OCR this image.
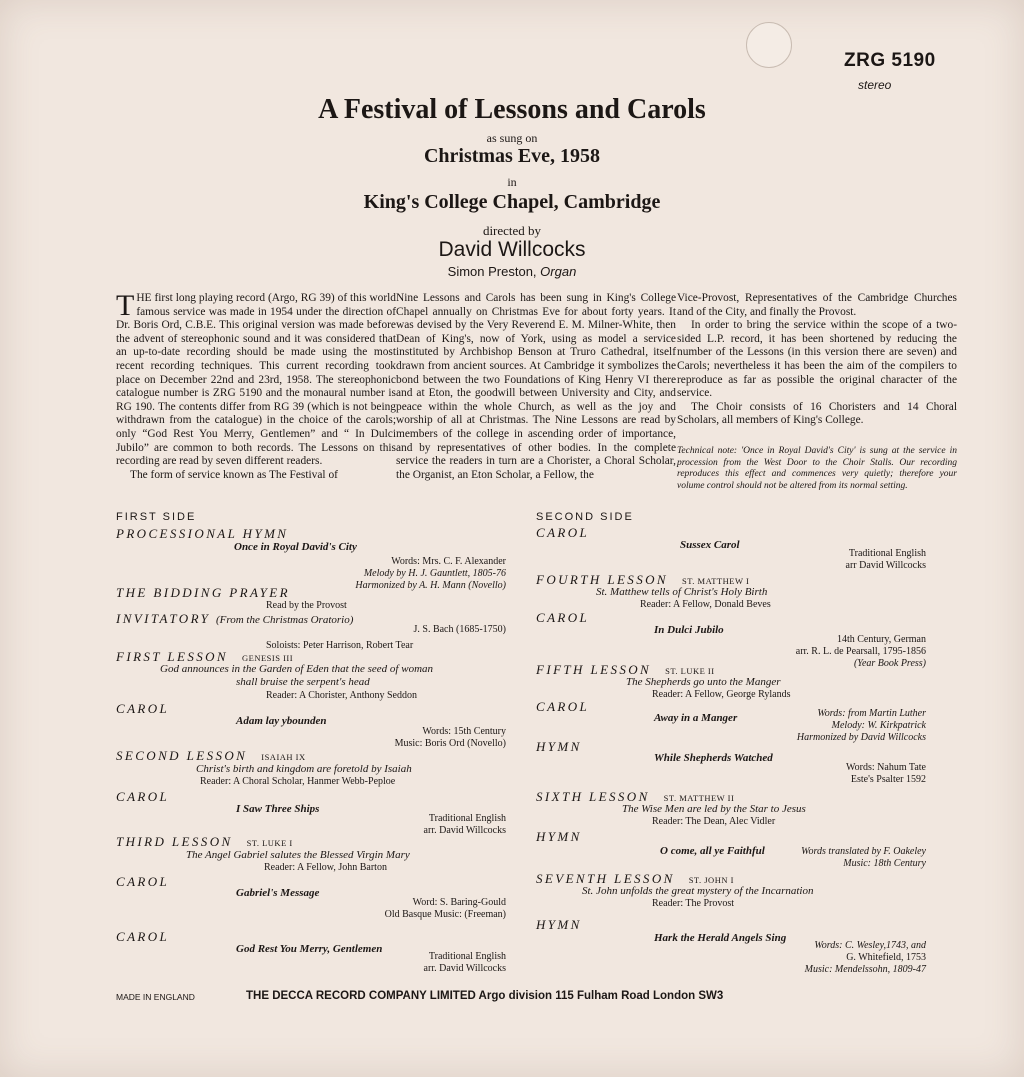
ZRG 5190
stereo
A Festival of Lessons and Carols
as sung on
Christmas Eve, 1958
in
King's College Chapel, Cambridge
directed by
David Willcocks
Simon Preston, Organ

THE first long playing record (Argo, RG 39) of this world famous service was made in 1954 under the direction of Dr. Boris Ord, C.B.E. This original version was made before the advent of stereophonic sound and it was considered that an up-to-date recording should be made using the most recent recording techniques. This current recording took place on December 22nd and 23rd, 1958. The stereophonic catalogue number is ZRG 5190 and the monaural number is RG 190. The contents differ from RG 39 (which is not being withdrawn from the catalogue) in the choice of the carols; only “God Rest You Merry, Gentlemen” and “ In Dulci Jubilo” are common to both records. The Lessons on this recording are read by seven different readers.

The form of service known as The Festival of

Nine Lessons and Carols has been sung in King's College Chapel annually on Christmas Eve for about forty years. It was devised by the Very Reverend E. M. Milner-White, then Dean of King's, now of York, using as model a service instituted by Archbishop Benson at Truro Cathedral, itself drawn from ancient sources. At Cambridge it symbolizes the bond between the two Foundations of King Henry VI there and at Eton, the goodwill between University and City, and peace within the whole Church, as well as the joy and worship of all at Christmas. The Nine Lessons are read by members of the college in ascending order of importance, and by representatives of other bodies. In the complete service the readers in turn are a Chorister, a Choral Scholar, the Organist, an Eton Scholar, a Fellow, the

Vice-Provost, Representatives of the Cambridge Churches and of the City, and finally the Provost.

In order to bring the service within the scope of a two-sided L.P. record, it has been shortened by reducing the number of the Lessons (in this version there are seven) and Carols; nevertheless it has been the aim of the compilers to reproduce as far as possible the original character of the service.

The Choir consists of 16 Choristers and 14 Choral Scholars, all members of King's College.

Technical note: 'Once in Royal David's City' is sung at the service in procession from the West Door to the Choir Stalls. Our recording reproduces this effect and commences very quietly; therefore your volume control should not be altered from its normal setting.

FIRST SIDE
PROCESSIONAL HYMN
Once in Royal David's City
Words: Mrs. C. F. Alexander
Melody by H. J. Gauntlett, 1805-76
Harmonized by A. H. Mann (Novello)
THE BIDDING PRAYER
Read by the Provost
INVITATORY (From the Christmas Oratorio)
J. S. Bach (1685-1750)
Soloists: Peter Harrison, Robert Tear
FIRST LESSON GENESIS III
God announces in the Garden of Eden that the seed of woman
shall bruise the serpent's head
Reader: A Chorister, Anthony Seddon
CAROL
Adam lay ybounden
Words: 15th Century
Music: Boris Ord (Novello)
SECOND LESSON ISAIAH IX
Christ's birth and kingdom are foretold by Isaiah
Reader: A Choral Scholar, Hanmer Webb-Peploe
CAROL
I Saw Three Ships
Traditional English
arr. David Willcocks
THIRD LESSON ST. LUKE I
The Angel Gabriel salutes the Blessed Virgin Mary
Reader: A Fellow, John Barton
CAROL
Gabriel's Message
Word: S. Baring-Gould
Old Basque Music: (Freeman)
CAROL
God Rest You Merry, Gentlemen
Traditional English
arr. David Willcocks
SECOND SIDE
CAROL
Sussex Carol
Traditional English
arr David Willcocks
FOURTH LESSON ST. MATTHEW I
St. Matthew tells of Christ's Holy Birth
Reader: A Fellow, Donald Beves
CAROL
In Dulci Jubilo
14th Century, German
arr. R. L. de Pearsall, 1795-1856
(Year Book Press)
FIFTH LESSON ST. LUKE II
The Shepherds go unto the Manger
Reader: A Fellow, George Rylands
CAROL
Away in a Manger	Words: from Martin Luther
Melody: W. Kirkpatrick
Harmonized by David Willcocks
HYMN
While Shepherds Watched
Words: Nahum Tate
Este's Psalter 1592
SIXTH LESSON ST. MATTHEW II
The Wise Men are led by the Star to Jesus
Reader: The Dean, Alec Vidler
HYMN
O come, all ye Faithful	Words translated by F. Oakeley
Music: 18th Century
SEVENTH LESSON ST. JOHN I
St. John unfolds the great mystery of the Incarnation
Reader: The Provost
HYMN
Hark the Herald Angels Sing
Words: C. Wesley,1743, and
G. Whitefield, 1753
Music: Mendelssohn, 1809-47
MADE IN ENGLAND	THE DECCA RECORD COMPANY LIMITED Argo division 115 Fulham Road London SW3
